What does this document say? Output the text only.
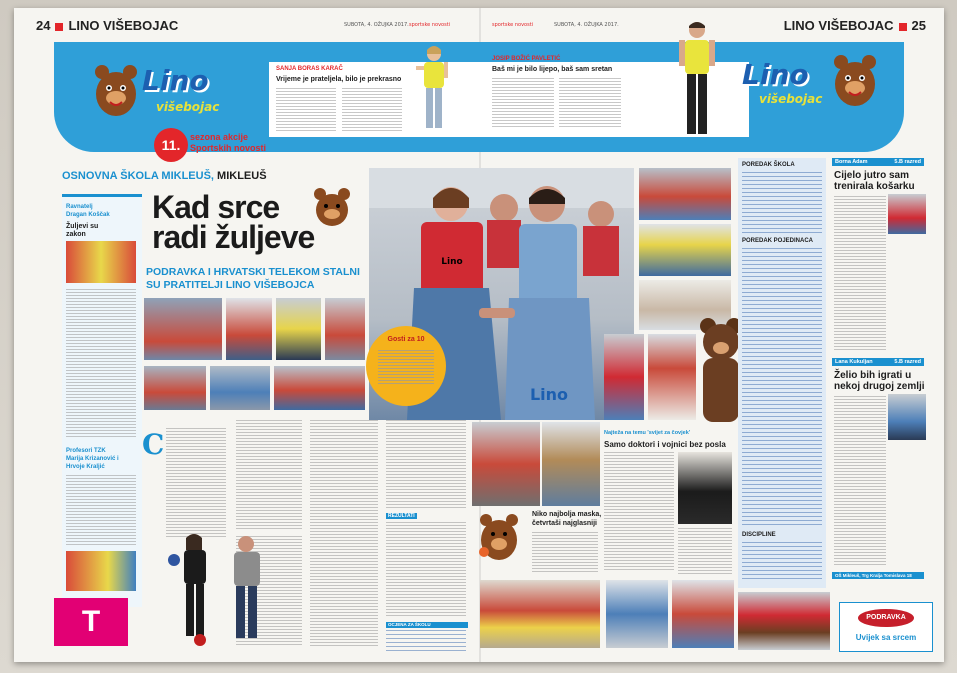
24 LINO VIŠEBOJAC	LINO VIŠEBOJAC 25
SUBOTA, 4. OŽUJKA 2017. sportske novosti	sportske novosti	SUBOTA, 4. OŽUJKA 2017.
Lino
višebojac
Lino
višebojac
SANJA BORAS KARAČ
Vrijeme je prateljela, bilo je prekrasno
JOSIP BOŽIĆ PAVLETIĆ
Baš mi je bilo lijepo, baš sam sretan
11.	sezona akcije
Sportskih novosti
OSNOVNA ŠKOLA MIKLEUŠ, MIKLEUŠ
Ravnatelj
Dragan Koščak
Žuljevi su
zakon
Profesori TZK
Marija Krizanović i
Hrvoje Kraljić
Kad srce
radi žuljeve
PODRAVKA I HRVATSKI TELEKOM STALNI
SU PRATITELJI LINO VIŠEBOJCA
Lino
Lino
Gosti za 10
C
T
REZULTATI
OCJENA ZA ŠKOLU
Niko najbolja maska,
četvrtaši najglasniji
Najteža na temu 'svijet za čovjek'
Samo doktori i vojnici bez posla
POREDAK ŠKOLA
POREDAK POJEDINACA
DISCIPLINE
Borna Adam	5.B razred
Cijelo jutro sam
trenirala košarku
Lana Kukuljan	5.B razred
Želio bih igrati u
nekoj drugoj zemlji
OŠ Mikleuš, Trg Kralja Tomislava 18
PODRAVKA
Uvijek sa srcem
